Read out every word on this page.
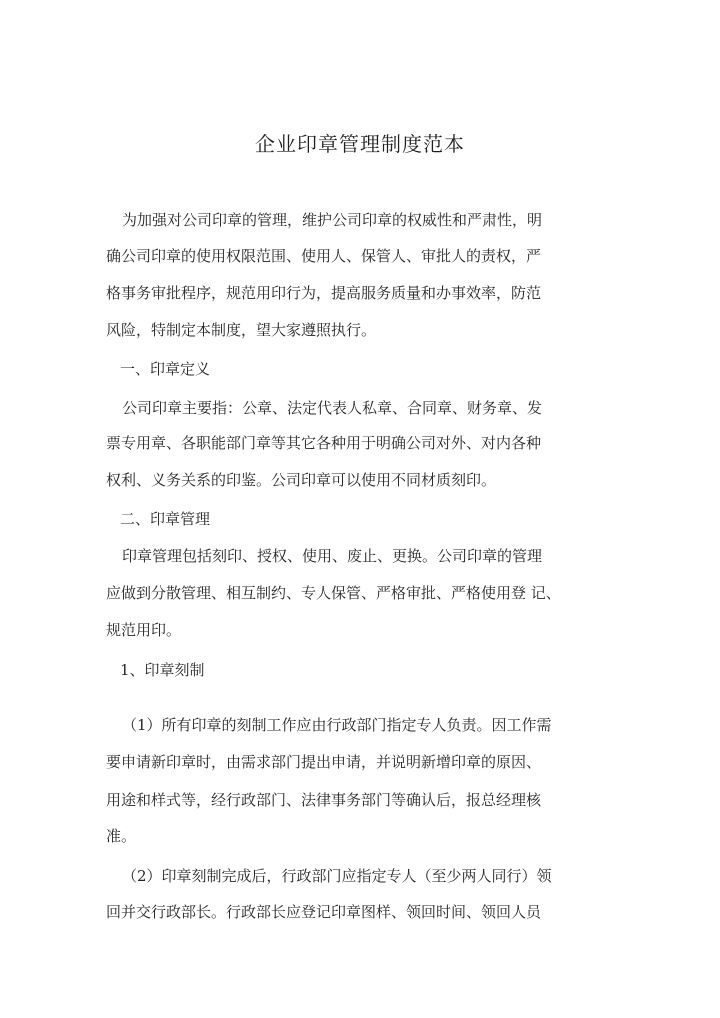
企业印章管理制度范本
为加强对公司印章的管理，维护公司印章的权威性和严肃性，明
确公司印章的使用权限范围、使用人、保管人、审批人的责权，严
格事务审批程序，规范用印行为，提高服务质量和办事效率，防范
风险，特制定本制度，望大家遵照执行。
一、印章定义
公司印章主要指：公章、法定代表人私章、合同章、财务章、发
票专用章、各职能部门章等其它各种用于明确公司对外、对内各种
权利、义务关系的印鉴。公司印章可以使用不同材质刻印。
二、印章管理
印章管理包括刻印、授权、使用、废止、更换。公司印章的管理
应做到分散管理、相互制约、专人保管、严格审批、严格使用登 记、
规范用印。
1、印章刻制
（1）所有印章的刻制工作应由行政部门指定专人负责。因工作需
要申请新印章时，由需求部门提出申请，并说明新增印章的原因、
用途和样式等，经行政部门、法律事务部门等确认后，报总经理核
准。
（2）印章刻制完成后，行政部门应指定专人（至少两人同行）领
回并交行政部长。行政部长应登记印章图样、领回时间、领回人员
